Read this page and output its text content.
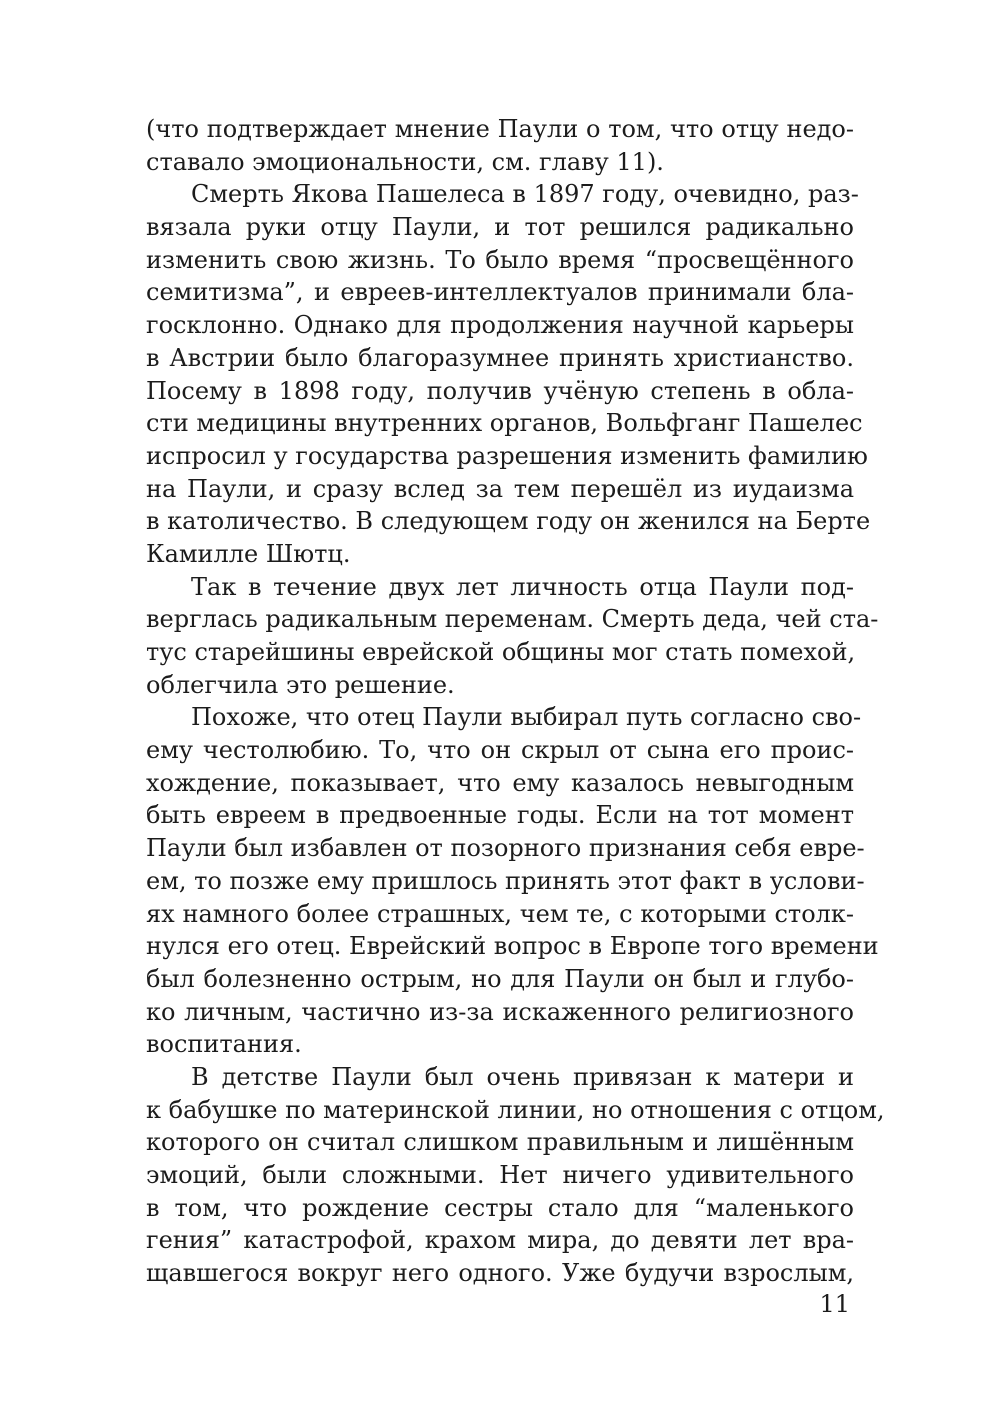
(что подтверждает мнение Паули о том, что отцу недо-
ставало эмоциональности, см. главу 11).
Смерть Якова Пашелеса в 1897 году, очевидно, раз-
вязала руки отцу Паули, и тот решился радикально
изменить свою жизнь. То было время “просвещённого
семитизма”, и евреев-интеллектуалов принимали бла-
госклонно. Однако для продолжения научной карьеры
в Австрии было благоразумнее принять христианство.
Посему в 1898 году, получив учёную степень в обла-
сти медицины внутренних органов, Вольфганг Пашелес
испросил у государства разрешения изменить фамилию
на Паули, и сразу вслед за тем перешёл из иудаизма
в католичество. В следующем году он женился на Берте
Камилле Шютц.
Так в течение двух лет личность отца Паули под-
верглась радикальным переменам. Смерть деда, чей ста-
тус старейшины еврейской общины мог стать помехой,
облегчила это решение.
Похоже, что отец Паули выбирал путь согласно сво-
ему честолюбию. То, что он скрыл от сына его проис-
хождение, показывает, что ему казалось невыгодным
быть евреем в предвоенные годы. Если на тот момент
Паули был избавлен от позорного признания себя евре-
ем, то позже ему пришлось принять этот факт в услови-
ях намного более страшных, чем те, с которыми столк-
нулся его отец. Еврейский вопрос в Европе того времени
был болезненно острым, но для Паули он был и глубо-
ко личным, частично из-за искаженного религиозного
воспитания.
В детстве Паули был очень привязан к матери и
к бабушке по материнской линии, но отношения с отцом,
которого он считал слишком правильным и лишённым
эмоций, были сложными. Нет ничего удивительного
в том, что рождение сестры стало для “маленького
гения” катастрофой, крахом мира, до девяти лет вра-
щавшегося вокруг него одного. Уже будучи взрослым,
11
